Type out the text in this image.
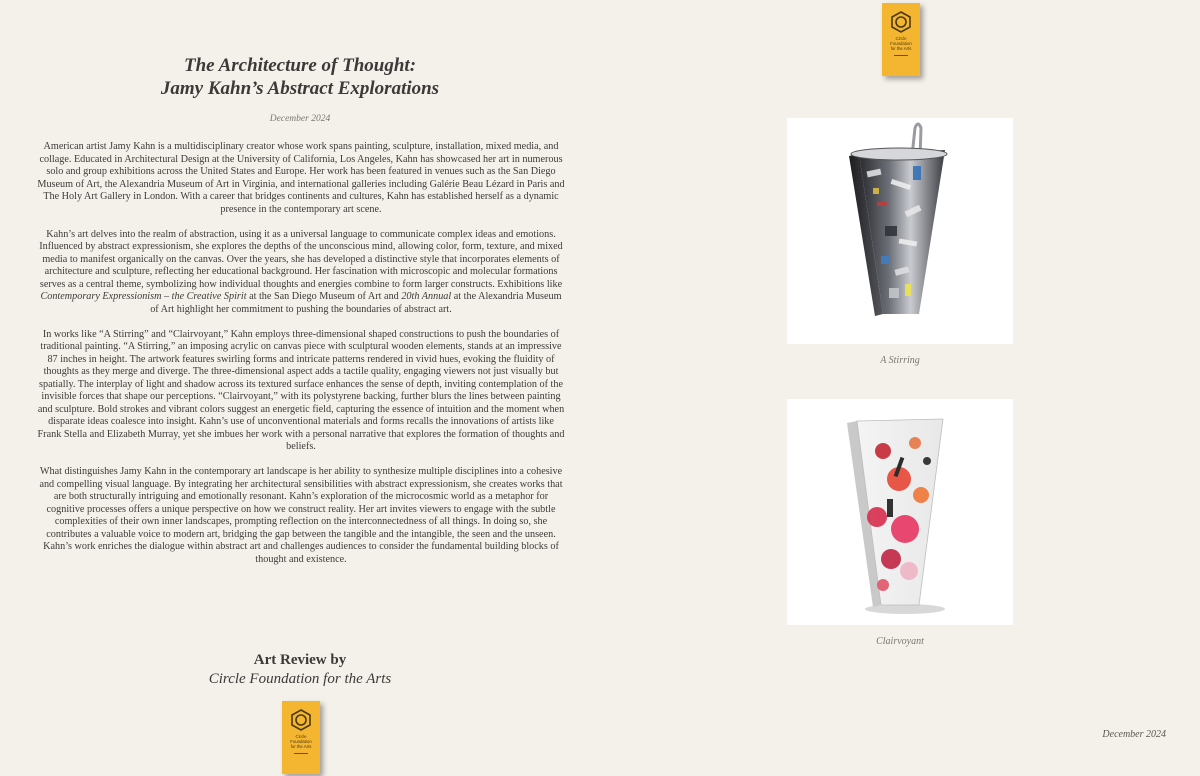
The Architecture of Thought:
Jamy Kahn’s Abstract Explorations
December 2024

American artist Jamy Kahn is a multidisciplinary creator whose work spans painting, sculpture, installation, mixed media, and collage. Educated in Architectural Design at the University of California, Los Angeles, Kahn has showcased her art in numerous solo and group exhibitions across the United States and Europe. Her work has been featured in venues such as the San Diego Museum of Art, the Alexandria Museum of Art in Virginia, and international galleries including Galérie Beau Lézard in Paris and The Holy Art Gallery in London. With a career that bridges continents and cultures, Kahn has established herself as a dynamic presence in the contemporary art scene.

Kahn’s art delves into the realm of abstraction, using it as a universal language to communicate complex ideas and emotions. Influenced by abstract expressionism, she explores the depths of the unconscious mind, allowing color, form, texture, and mixed media to manifest organically on the canvas. Over the years, she has developed a distinctive style that incorporates elements of architecture and sculpture, reflecting her educational background. Her fascination with microscopic and molecular formations serves as a central theme, symbolizing how individual thoughts and energies combine to form larger constructs. Exhibitions like Contemporary Expressionism – the Creative Spirit at the San Diego Museum of Art and 20th Annual at the Alexandria Museum of Art highlight her commitment to pushing the boundaries of abstract art.

In works like “A Stirring” and “Clairvoyant,” Kahn employs three-dimensional shaped constructions to push the boundaries of traditional painting. “A Stirring,” an imposing acrylic on canvas piece with sculptural wooden elements, stands at an impressive 87 inches in height. The artwork features swirling forms and intricate patterns rendered in vivid hues, evoking the fluidity of thoughts as they merge and diverge. The three-dimensional aspect adds a tactile quality, engaging viewers not just visually but spatially. The interplay of light and shadow across its textured surface enhances the sense of depth, inviting contemplation of the invisible forces that shape our perceptions. “Clairvoyant,” with its polystyrene backing, further blurs the lines between painting and sculpture. Bold strokes and vibrant colors suggest an energetic field, capturing the essence of intuition and the moment when disparate ideas coalesce into insight. Kahn’s use of unconventional materials and forms recalls the innovations of artists like Frank Stella and Elizabeth Murray, yet she imbues her work with a personal narrative that explores the formation of thoughts and beliefs.

What distinguishes Jamy Kahn in the contemporary art landscape is her ability to synthesize multiple disciplines into a cohesive and compelling visual language. By integrating her architectural sensibilities with abstract expressionism, she creates works that are both structurally intriguing and emotionally resonant. Kahn’s exploration of the microcosmic world as a metaphor for cognitive processes offers a unique perspective on how we construct reality. Her art invites viewers to engage with the subtle complexities of their own inner landscapes, prompting reflection on the interconnectedness of all things. In doing so, she contributes a valuable voice to modern art, bridging the gap between the tangible and the intangible, the seen and the unseen. Kahn’s work enriches the dialogue within abstract art and challenges audiences to consider the fundamental building blocks of thought and existence.

Art Review by
Circle Foundation for the Arts
Circle
Foundation
for the Arts
Circle
Foundation
for the Arts
A Stirring
Clairvoyant
December 2024
